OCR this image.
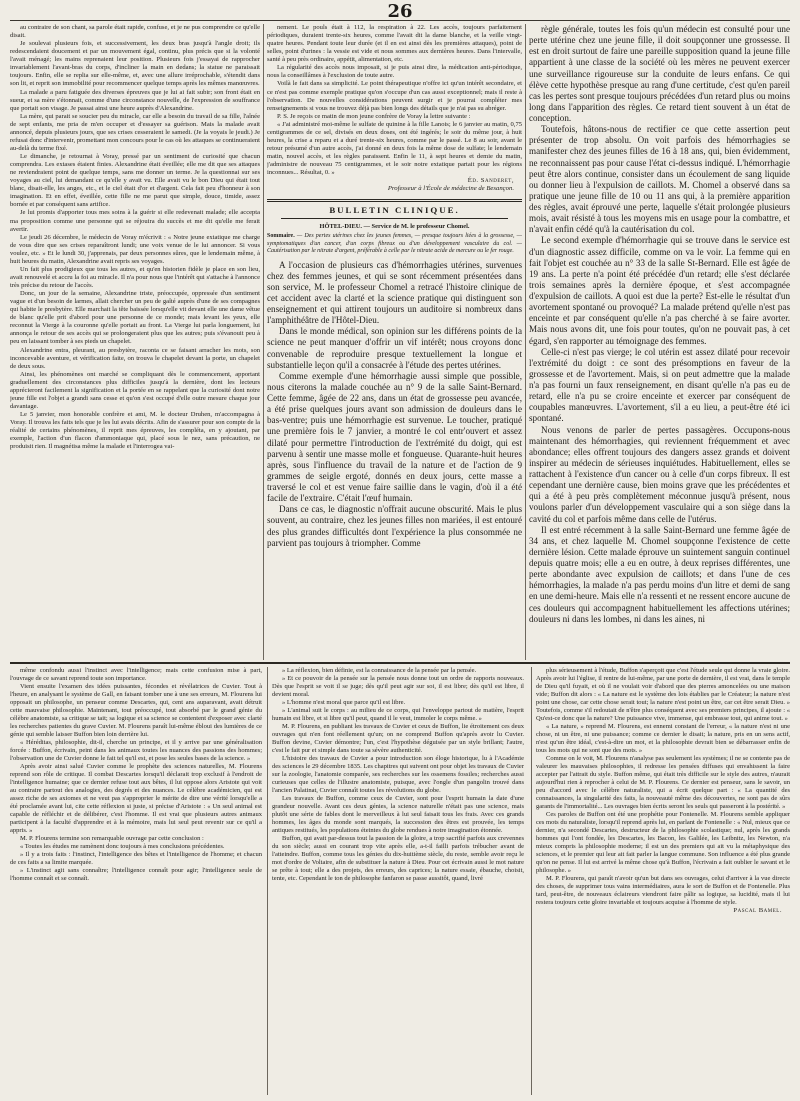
26

au contraire de son chant, sa parole était rapide, confuse, et je ne pus comprendre ce qu'elle disait.

Je soulevai plusieurs fois, et successivement, les deux bras jusqu'à l'angle droit; ils redescendaient doucement et par un mouvement égal, continu, plus précis que si la volonté l'avait ménagé; les mains reprenaient leur position. Plusieurs fois j'essayai de rapprocher invariablement l'avant-bras du corps, d'incliner la main en dedans; la statue ne paraissait toujours. Enfin, elle se replia sur elle-même, et, avec une allure irréprochable, s'étendit dans son lit, et reprit son immobilité pour recommencer quelque temps après les mêmes manœuvres.

La malade a paru fatiguée des diverses épreuves que je lui ai fait subir; son front était en sueur, et sa mère s'étonnait, comme d'une circonstance nouvelle, de l'expression de souffrance que portait son visage. Je passai ainsi une heure auprès d'Alexandrine.

La mère, qui parait se soucier peu du miracle, car elle a besoin du travail de sa fille, l'aînée de sept enfants, me pria de m'en occuper et d'essayer sa guérison. Mais la malade avait annoncé, depuis plusieurs jours, que ses crises cesseraient le samedi. (Je la voyais le jeudi.) Je refusai donc d'intervenir, promettant mon concours pour le cas où les attaques se continueraient au-delà du terme fixé.

Le dimanche, je retournai à Voray, pressé par un sentiment de curiosité que chacun comprendra. Les extases étaient finies. Alexandrine était éveillée; elle me dit que ses attaques ne reviendraient point de quelque temps, sans me donner un terme. Je la questionnai sur ses voyages au ciel, lui demandant ce qu'elle y avait vu. Elle avait vu le bon Dieu qui était tout blanc, disait-elle, les anges, etc., et le ciel était d'or et d'argent. Cela fait peu d'honneur à son imagination. Et en effet, éveillée, cette fille ne me parut que simple, douce, timide, assez bornée et par conséquent sans artifice.

Je lui promis d'apporter tous mes soins à la guérir si elle redevenait malade; elle accepta ma proposition comme une personne qui se réjouira du succès et me dit qu'elle me ferait avertir.

Le jeudi 26 décembre, le médecin de Voray m'écrivit : « Notre jeune extatique me charge de vous dire que ses crises reparaîtront lundi; une voix venue de le lui annoncer. Si vous voulez, etc. » Et le lundi 30, j'apprenais, par deux personnes sûres, que le lendemain même, à huit heures du matin, Alexandrine avait repris ses voyages.

Un fait plus prodigieux que tous les autres, et qu'en historien fidèle je place en son lieu, avait renouvelé et accru la foi au miracle. Il n'a pour nous que l'intérêt qui s'attache à l'annonce très précise du retour de l'accès.

Donc, un jour de la semaine, Alexandrine triste, préoccupée, oppressée d'un sentiment vague et d'un besoin de larmes, allait chercher un peu de gaîté auprès d'une de ses compagnes qui habite le presbytère. Elle marchait la tête baissée lorsqu'elle vit devant elle une dame vêtue de blanc qu'elle prit d'abord pour une personne de ce monde; mais levant les yeux, elle reconnut la Vierge à la couronne qu'elle portait au front. La Vierge lui parla longuement, lui annonça le retour de ses accès qui se prolongeraient plus que les autres; puis s'évanouit peu à peu en laissant tomber à ses pieds un chapelet.

Alexandrine entra, pleurant, au presbytère, raconta ce se faisant arracher les mots, son inconcevable aventure, et vérification faite, on trouva le chapelet devant la porte, un chapelet de deux sous.

Ainsi, les phénomènes ont marché se compliquant dès le commencement, apportant graduellement des circonstances plus difficiles jusqu'à la dernière, dont les lecteurs apprécieront facilement la signification et la portée en se rappelant que la curiosité dont notre jeune fille est l'objet a grandi sans cesse et qu'on s'est occupé d'elle outre mesure chaque jour davantage.

Le 5 janvier, mon honorable confrère et ami, M. le docteur Druhen, m'accompagna à Voray. Il trouva les faits tels que je les lui avais décrits. Afin de s'assurer pour son compte de la réalité de certains phénomènes, il reprit mes épreuves, les compléta, en y ajoutant, par exemple, l'action d'un flacon d'ammoniaque qui, placé sous le nez, sans précaution, ne produisit rien. Il magnétisa même la malade et l'interrogea vai-

nement. Le pouls était à 112, la respiration à 22. Les accès, toujours parfaitement périodiques, duraient trente-six heures, comme l'avait dit la dame blanche, et la veille vingt-quatre heures. Pendant toute leur durée (et il en est ainsi dès les premières attaques), point de selles, point d'urines : la vessie est vide et nous sommes aux dernières heures. Dans l'intervalle, santé à peu près ordinaire, appétit, alimentation, etc.

La régularité des accès nous imposait, si je puis ainsi dire, la médication anti-périodique, nous la conseillâmes à l'exclusion de toute autre.

Voilà le fait dans sa simplicité. Le point thérapeutique n'offre ici qu'un intérêt secondaire, et ce n'est pas comme exemple pratique qu'on s'occupe d'un cas aussi exceptionnel; mais il reste à l'observation. De nouvelles considérations peuvent surgir et je pourrai compléter mes renseignements si vous ne trouvez déjà pas bien longs des détails que je n'ai pas su abréger.

P. S. Je reçois ce matin de mon jeune confrère de Voray la lettre suivante :

« J'ai administré moi-même le sulfate de quinine à la fille Lanois; le 6 janvier au matin, 0,75 centigrammes de ce sel, divisés en deux doses, ont été ingérés; le soir du même jour, à huit heures, la crise a reparu et a duré trente-six heures, comme par le passé. Le 8 au soir, avant le retour présumé d'un autre accès, j'ai donné en deux fois la même dose de sulfate; le lendemain matin, nouvel accès, et les règles paraissent. Enfin le 11, à sept heures et demie du matin, j'administre de nouveau 75 centigrammes, et le soir notre extatique partait pour les régions inconnues... Résultat, 0. »

Éd. Sanderet,
Professeur à l'École de médecine de Besançon.
BULLETIN CLINIQUE.
HÔTEL-DIEU. — Service de M. le professeur Chomel.
Sommaire. — Des pertes utérines chez les jeunes femmes, — presque toujours liées à la grossesse, — symptomatiques d'un cancer, d'un corps fibreux ou d'un développement vasculaire du col. — Cautérisation par le nitrate d'argent, préférable à celle par le nitrate acide de mercure ou le fer rouge.

A l'occasion de plusieurs cas d'hémorrhagies utérines, survenues chez des femmes jeunes, et qui se sont récemment présentées dans son service, M. le professeur Chomel a retracé l'histoire clinique de cet accident avec la clarté et la science pratique qui distinguent son enseignement et qui attirent toujours un auditoire si nombreux dans l'amphithéâtre de l'Hôtel-Dieu.

Dans le monde médical, son opinion sur les différens points de la science ne peut manquer d'offrir un vif intérêt; nous croyons donc convenable de reproduire presque textuellement la longue et substantielle leçon qu'il a consacrée à l'étude des pertes utérines.

Comme exemple d'une hémorrhagie aussi simple que possible, nous citerons la malade couchée au n° 9 de la salle Saint-Bernard. Cette femme, âgée de 22 ans, dans un état de grossesse peu avancée, a été prise quelques jours avant son admission de douleurs dans le bas-ventre; puis une hémorrhagie est survenue. Le toucher, pratiqué une première fois le 7 janvier, a montré le col entr'ouvert et assez dilaté pour permettre l'introduction de l'extrémité du doigt, qui est parvenu à sentir une masse molle et fongueuse. Quarante-huit heures après, sous l'influence du travail de la nature et de l'action de 9 grammes de seigle ergoté, donnés en deux jours, cette masse a traversé le col et est venue faire saillie dans le vagin, d'où il a été facile de l'extraire. C'était l'œuf humain.

Dans ce cas, le diagnostic n'offrait aucune obscurité. Mais le plus souvent, au contraire, chez les jeunes filles non mariées, il est entouré des plus grandes difficultés dont l'expérience la plus consommée ne parvient pas toujours à triompher. Comme

règle générale, toutes les fois qu'un médecin est consulté pour une perte utérine chez une jeune fille, il doit soupçonner une grossesse. Il est en droit surtout de faire une pareille supposition quand la jeune fille appartient à une classe de la société où les mères ne peuvent exercer une surveillance rigoureuse sur la conduite de leurs enfans. Ce qui élève cette hypothèse presque au rang d'une certitude, c'est qu'en pareil cas les pertes sont presque toujours précédées d'un retard plus ou moins long dans l'apparition des règles. Ce retard tient souvent à un état de conception.

Toutefois, hâtons-nous de rectifier ce que cette assertion peut présenter de trop absolu. On voit parfois des hémorrhagies se manifester chez des jeunes filles de 16 à 18 ans, qui, bien évidemment, ne reconnaissent pas pour cause l'état ci-dessus indiqué. L'hémorrhagie peut être alors continue, consister dans un écoulement de sang liquide ou donner lieu à l'expulsion de caillots. M. Chomel a observé dans sa pratique une jeune fille de 10 ou 11 ans qui, à la première apparition des règles, avait éprouvé une perte, laquelle s'était prolongée plusieurs mois, avait résisté à tous les moyens mis en usage pour la combattre, et n'avait enfin cédé qu'à la cautérisation du col.

Le second exemple d'hémorrhagie qui se trouve dans le service est d'un diagnostic assez difficile, comme on va le voir. La femme qui en fait l'objet est couchée au n° 33 de la salle St-Bernard. Elle est âgée de 19 ans. La perte n'a point été précédée d'un retard; elle s'est déclarée trois semaines après la dernière époque, et s'est accompagnée d'expulsion de caillots. A quoi est due la perte? Est-elle le résultat d'un avortement spontané ou provoqué? La malade prétend qu'elle n'est pas enceinte et par conséquent qu'elle n'a pas cherché à se faire avorter. Mais nous avons dit, une fois pour toutes, qu'on ne pouvait pas, à cet égard, s'en rapporter au témoignage des femmes.

Celle-ci n'est pas vierge; le col utérin est assez dilaté pour recevoir l'extrémité du doigt : ce sont des présomptions en faveur de la grossesse et de l'avortement. Mais, si on peut admettre que la malade n'a pas fourni un faux renseignement, en disant qu'elle n'a pas eu de retard, elle n'a pu se croire enceinte et exercer par conséquent de coupables manœuvres. L'avortement, s'il a eu lieu, a peut-être été ici spontané.

Nous venons de parler de pertes passagères. Occupons-nous maintenant des hémorrhagies, qui reviennent fréquemment et avec abondance; elles offrent toujours des dangers assez grands et doivent inspirer au médecin de sérieuses inquiétudes. Habituellement, elles se rattachent à l'existence d'un cancer ou à celle d'un corps fibreux. Il est cependant une dernière cause, bien moins grave que les précédentes et qui a été à peu près complètement méconnue jusqu'à présent, nous voulons parler d'un développement vasculaire qui a son siège dans la cavité du col et parfois même dans celle de l'utérus.

Il est entré récemment à la salle Saint-Bernard une femme âgée de 34 ans, et chez laquelle M. Chomel soupçonne l'existence de cette dernière lésion. Cette malade éprouve un suintement sanguin continuel depuis quatre mois; elle a eu en outre, à deux reprises différentes, une perte abondante avec expulsion de caillots; et dans l'une de ces hémorrhagies, la malade n'a pas perdu moins d'un litre et demi de sang en une demi-heure. Mais elle n'a ressenti et ne ressent encore aucune de ces douleurs qui accompagnent habituellement les affections utérines; douleurs ni dans les lombes, ni dans les aines, ni

même confondu aussi l'instinct avec l'intelligence; mais cette confusion mise à part, l'ouvrage de ce savant reprend toute son importance.

Vient ensuite l'examen des idées puissantes, fécondes et révélatrices de Cuvier. Tout à l'heure, en analysant le système de Gall, en faisant tomber une à une ses erreurs, M. Flourens lui opposait un philosophe, un penseur comme Descartes, qui, cent ans auparavant, avait détruit cette mauvaise philosophie. Maintenant, tout préoccupé, tout absorbé par le grand génie du célèbre anatomiste, sa critique se tait; sa logique et sa science se contentent d'exposer avec clarté les recherches patientes du grave Cuvier. M. Flourens paraît lui-même ébloui des lumières de ce génie qui semble laisser Buffon bien loin derrière lui.

« Héréditas, philosophie, dit-il, cherche un principe, et il y arrive par une généralisation forcée : Buffon, écrivain, peint dans les animaux toutes les nuances des passions des hommes; l'observation une de Cuvier donne le fait tel qu'il est, et pose les seules bases de la science. »

Après avoir ainsi salué Cuvier comme le prophète des sciences naturelles, M. Flourens reprend son rôle de critique. Il combat Descartes lorsqu'il déclarait trop exclusif à l'endroit de l'intelligence humaine; que ce dernier refuse tout aux bêtes, il lui oppose alors Aristote qui voit au contraire partout des analogies, des degrés et des nuances. Le célèbre académicien, qui est assez riche de ses axiomes et ne veut pas s'approprier le mérite de dire une vérité lorsqu'elle a été proclamée avant lui, cite cette réflexion si juste, si précise d'Aristote : « Un seul animal est capable de réfléchir et de délibérer, c'est l'homme. Il est vrai que plusieurs autres animaux participent à la faculté d'apprendre et à la mémoire, mais lui seul peut revenir sur ce qu'il a appris. »

M. P. Flourens termine son remarquable ouvrage par cette conclusion :

« Toutes les études me ramènent donc toujours à mes conclusions précédentes.

» Il y a trois faits : l'instinct, l'intelligence des bêtes et l'intelligence de l'homme; et chacun de ces faits a sa limite marquée.

» L'instinct agit sans connaître; l'intelligence connaît pour agir; l'intelligence seule de l'homme connaît et se connaît.

» La réflexion, bien définie, est la connaissance de la pensée par la pensée.

» Et ce pouvoir de la pensée sur la pensée nous donne tout un ordre de rapports nouveaux. Dès que l'esprit se voit il se juge; dès qu'il peut agir sur soi, il est libre; dès qu'il est libre, il devient moral.

» L'homme n'est moral que parce qu'il est libre.

» L'animal suit le corps : au milieu de ce corps, qui l'enveloppe partout de matière, l'esprit humain est libre, et si libre qu'il peut, quand il le veut, immoler le corps même. »

M. P. Flourens, en publiant les travaux de Cuvier et ceux de Buffon, lie étroitement ces deux ouvrages qui n'en font réellement qu'un; on ne comprend Buffon qu'après avoir lu Cuvier. Buffon devine, Cuvier démontre; l'un, c'est l'hypothèse déguisée par un style brillant; l'autre, c'est le fait pur et simple dans toute sa sévère authenticité.

L'histoire des travaux de Cuvier a pour introduction son éloge historique, lu à l'Académie des sciences le 29 décembre 1835. Les chapitres qui suivent ont pour objet les travaux de Cuvier sur la zoologie, l'anatomie comparée, ses recherches sur les ossemens fossiles; recherches aussi curieuses que celles de l'illustre anatomiste, puisque, avec l'ongle d'un pangolin trouvé dans l'ancien Palatinat, Cuvier connaît toutes les révolutions du globe.

Les travaux de Buffon, comme ceux de Cuvier, sont pour l'esprit humain la date d'une grandeur nouvelle. Avant ces deux génies, la science naturelle n'était pas une science, mais plutôt une série de fables dont le merveilleux à lui seul faisait tous les frais. Avec ces grands hommes, les âges du monde sont marqués, la succession des êtres est prouvée, les temps antiques restitués, les populations éteintes du globe rendues à notre imagination étonnée.

Buffon, qui avait par-dessus tout la passion de la gloire, a trop sacrifié parfois aux crevennes du son siècle; aussi en courant trop vite après elle, a-t-il failli parfois trébucher avant de l'atteindre. Buffon, comme tous les génies du dix-huitième siècle, du reste, semble avoir reçu le mot d'ordre de Voltaire, afin de substituer la nature à Dieu. Pour cet écrivain aussi le mot nature se prête à tout; elle a des projets, des erreurs, des caprices; la nature essaie, ébauche, choisit, tente, etc. Cependant le ton de philosophe fanfaron se passe aussitôt, quand, livré

plus sérieusement à l'étude, Buffon s'aperçoit que c'est l'étude seule qui donne la vraie gloire. Après avoir lui l'église, il rentre de lui-même, par une porte de dernière, il est vrai, dans le temple de Dieu qu'il fuyait, et où il ne voulait voir d'abord que des pierres amoncelées ou une maison vide; Buffon dit alors : « La nature est le système des lois établies par le Créateur; la nature n'est point une chose, car cette chose serait tout; la nature n'est point un être, car cet être serait Dieu. » Toutefois, comme s'il redoutait de n'être plus conséquent avec ses premiers principes, il ajoute : « Qu'est-ce donc que la nature? Une puissance vive, immense, qui embrasse tout, qui anime tout. »

« La nature, » reprend M. Flourens, est ennemi constant de l'erreur, « la nature n'est ni une chose, ni un être, ni une puissance; comme ce dernier le disait; la nature, pris en un sens actif, n'est qu'un être idéal, c'est-à-dire un mot, et la philosophie devrait bien se débarrasser enfin de tous les mots qui ne sont que des mots. »

Comme on le voit, M. Flourens n'analyse pas seulement les systèmes; il ne se contente pas de valeurer les mauvaises philosophies, il redresse les pensées diffuses qui envahissent la faire accepter par l'attrait du style. Buffon même, qui était très difficile sur le style des autres, n'aurait aujourd'hui rien à reprocher à celui de M. P. Flourens. Ce dernier est penseur, sans le savoir, un peu d'accord avec le célèbre naturaliste, qui a écrit quelque part : « La quantité des connaissances, la singularité des faits, la nouveauté même des découvertes, ne sont pas de sûrs garants de l'immortalité... Les ouvrages bien écrits seront les seuls qui passeront à la postérité. »

Ces paroles de Buffon ont été une prophétie pour Fontenelle. M. Flourens semble appliquer ces mots du naturaliste, lorsqu'il reprend après lui, en parlant de Fontenelle : « Nul, mieux que ce dernier, n'a secondé Descartes, destructeur de la philosophie scolastique; nul, après les grands hommes qui l'ont fondée, les Descartes, les Bacon, les Galilée, les Leibnitz, les Newton, n'a mieux compris la philosophie moderne; il est un des premiers qui ait vu la métaphysique des sciences, et le premier qui leur ait fait parler la langue commune. Son influence a été plus grande qu'on ne pense. Il lui est arrivé la même chose qu'à Buffon, l'écrivain a fait oublier le savant et le philosophe. »

M. P. Flourens, qui paraît n'avoir qu'un but dans ses ouvrages, celui d'arriver à la vue directe des choses, de supprimer tous vains intermédiaires, aura le sort de Buffon et de Fontenelle. Plus tard, peut-être, de nouveaux éclaireurs viendront faire pâlir sa logique, sa lucidité, mais il lui restera toujours cette gloire invariable et toujours acquise à l'homme de style.

Pascal Bamel.
